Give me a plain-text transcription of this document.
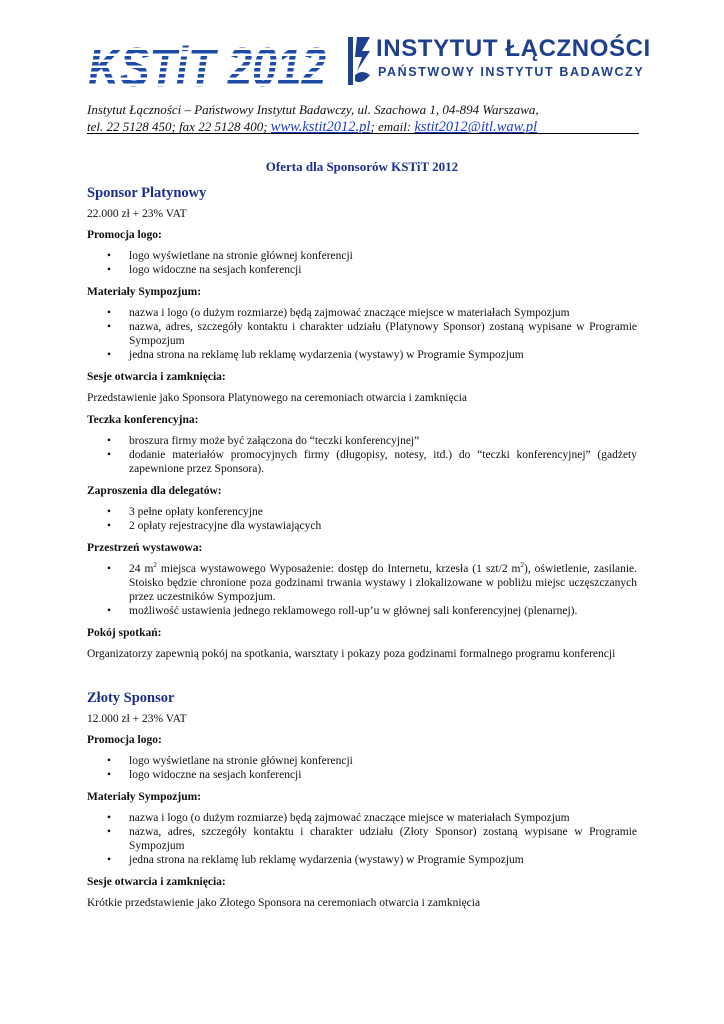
KSTiT 2012 INSTYTUT ŁĄCZNOŚCI
PAŃSTWOWY INSTYTUT BADAWCZY
Instytut Łączności – Państwowy Instytut Badawczy, ul. Szachowa 1, 04-894 Warszawa,
tel. 22 5128 450; fax 22 5128 400; www.kstit2012.pl; email: kstit2012@itl.waw.pl
Oferta dla Sponsorów KSTiT 2012
Sponsor Platynowy
22.000 zł + 23% VAT
Promocja logo:
• logo wyświetlane na stronie głównej konferencji
• logo widoczne na sesjach konferencji
Materiały Sympozjum:
• nazwa i logo (o dużym rozmiarze) będą zajmować znaczące miejsce w materiałach Sympozjum
• nazwa, adres, szczegóły kontaktu i charakter udziału (Platynowy Sponsor) zostaną wypisane w Programie Sympozjum
• jedna strona na reklamę lub reklamę wydarzenia (wystawy) w Programie Sympozjum
Sesje otwarcia i zamknięcia:
Przedstawienie jako Sponsora Platynowego na ceremoniach otwarcia i zamknięcia
Teczka konferencyjna:
• broszura firmy może być załączona do “teczki konferencyjnej”
• dodanie materiałów promocyjnych firmy (długopisy, notesy, itd.) do “teczki konferencyjnej” (gadżety zapewnione przez Sponsora).
Zaproszenia dla delegatów:
• 3 pełne opłaty konferencyjne
• 2 opłaty rejestracyjne dla wystawiających
Przestrzeń wystawowa:
• 24 $m^2$ miejsca wystawowego Wyposażenie: dostęp do Internetu, krzesła (1 szt/2 $m^2$), oświetlenie, zasilanie. Stoisko będzie chronione poza godzinami trwania wystawy i zlokalizowane w pobliżu miejsc uczęszczanych przez uczestników Sympozjum.
• możliwość ustawienia jednego reklamowego roll-up’u w głównej sali konferencyjnej (plenarnej).
Pokój spotkań:
Organizatorzy zapewnią pokój na spotkania, warsztaty i pokazy poza godzinami formalnego programu konferencji
Złoty Sponsor
12.000 zł + 23% VAT
Promocja logo:
• logo wyświetlane na stronie głównej konferencji
• logo widoczne na sesjach konferencji
Materiały Sympozjum:
• nazwa i logo (o dużym rozmiarze) będą zajmować znaczące miejsce w materiałach Sympozjum
• nazwa, adres, szczegóły kontaktu i charakter udziału (Złoty Sponsor) zostaną wypisane w Programie Sympozjum
• jedna strona na reklamę lub reklamę wydarzenia (wystawy) w Programie Sympozjum
Sesje otwarcia i zamknięcia:
Krótkie przedstawienie jako Złotego Sponsora na ceremoniach otwarcia i zamknięcia
